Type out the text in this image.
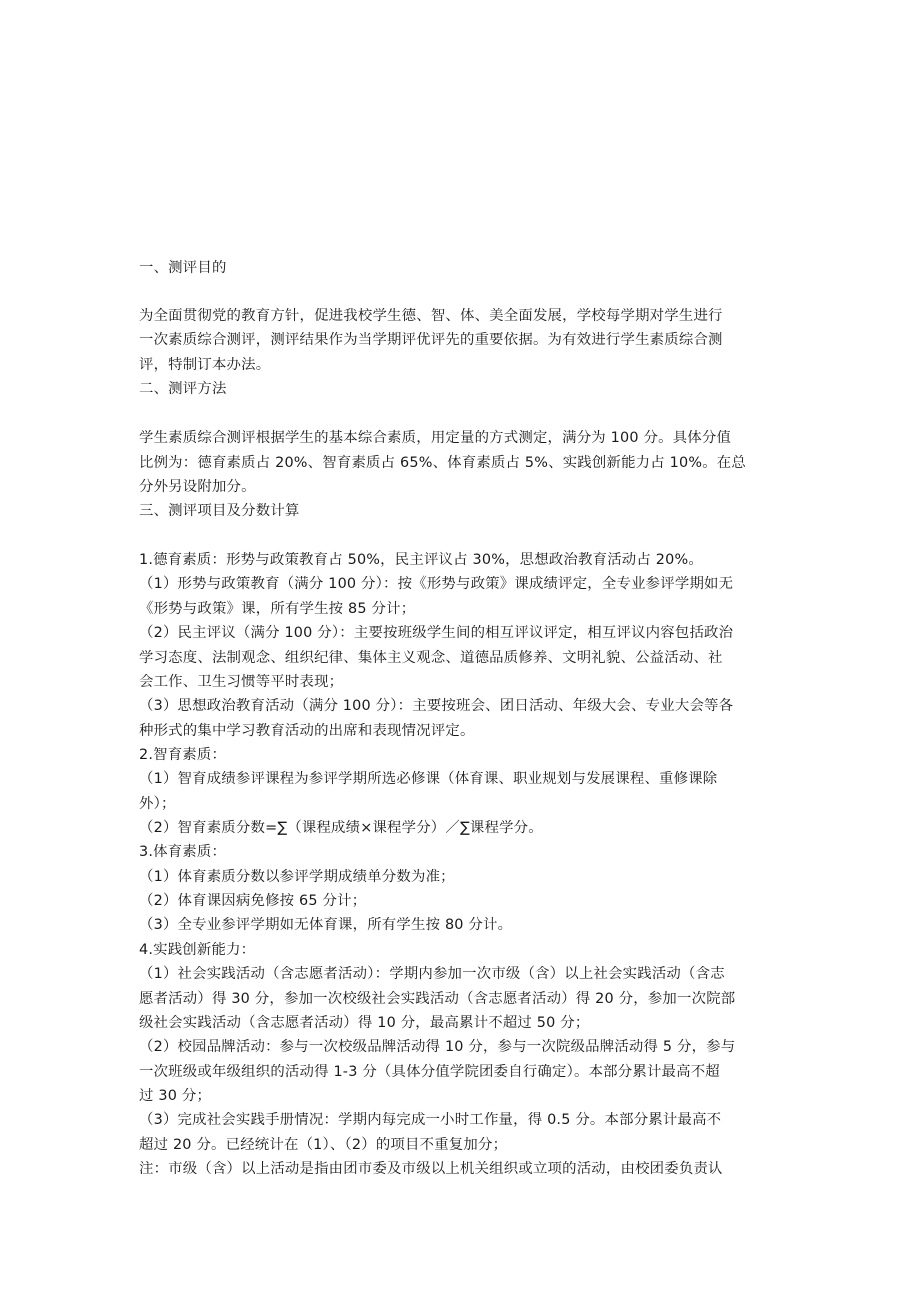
一、测评目的
为全面贯彻党的教育方针，促进我校学生德、智、体、美全面发展，学校每学期对学生进行
一次素质综合测评，测评结果作为当学期评优评先的重要依据。为有效进行学生素质综合测
评，特制订本办法。
二、测评方法
学生素质综合测评根据学生的基本综合素质，用定量的方式测定，满分为 100 分。具体分值
比例为：德育素质占 20%、智育素质占 65%、体育素质占 5%、实践创新能力占 10%。在总
分外另设附加分。
三、测评项目及分数计算
1.德育素质：形势与政策教育占 50%，民主评议占 30%，思想政治教育活动占 20%。
（1）形势与政策教育（满分 100 分）：按《形势与政策》课成绩评定，全专业参评学期如无
《形势与政策》课，所有学生按 85 分计；
（2）民主评议（满分 100 分）：主要按班级学生间的相互评议评定，相互评议内容包括政治
学习态度、法制观念、组织纪律、集体主义观念、道德品质修养、文明礼貌、公益活动、社
会工作、卫生习惯等平时表现；
（3）思想政治教育活动（满分 100 分）：主要按班会、团日活动、年级大会、专业大会等各
种形式的集中学习教育活动的出席和表现情况评定。
2.智育素质：
（1）智育成绩参评课程为参评学期所选必修课（体育课、职业规划与发展课程、重修课除
外）；
（2）智育素质分数=∑（课程成绩×课程学分）／∑课程学分。
3.体育素质：
（1）体育素质分数以参评学期成绩单分数为准；
（2）体育课因病免修按 65 分计；
（3）全专业参评学期如无体育课，所有学生按 80 分计。
4.实践创新能力：
（1）社会实践活动（含志愿者活动）：学期内参加一次市级（含）以上社会实践活动（含志
愿者活动）得 30 分，参加一次校级社会实践活动（含志愿者活动）得 20 分，参加一次院部
级社会实践活动（含志愿者活动）得 10 分，最高累计不超过 50 分；
（2）校园品牌活动：参与一次校级品牌活动得 10 分，参与一次院级品牌活动得 5 分，参与
一次班级或年级组织的活动得 1-3 分（具体分值学院团委自行确定）。本部分累计最高不超
过 30 分；
（3）完成社会实践手册情况：学期内每完成一小时工作量，得 0.5 分。本部分累计最高不
超过 20 分。已经统计在（1）、（2）的项目不重复加分；
注：市级（含）以上活动是指由团市委及市级以上机关组织或立项的活动，由校团委负责认
